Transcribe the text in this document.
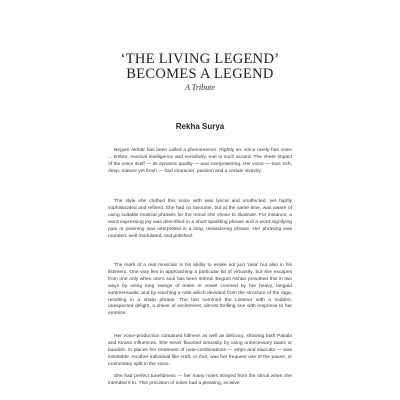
‘THE LIVING LEGEND’
BECOMES A LEGEND
A Tribute
Rekha Surya
Begum Akhtar has been called a phenomenon. Rightly so, since rarely has voice ... timbre, musical intelligence and sensitivity, met in such accord. The sheer impact of the voice itself — its dynamic quality — was overpowering. Her voice — true, rich, deep, mature yet fresh — had character, passion and a certain vivacity.
The style she clothed this voice with was lyrical and unaffected, yet highly sophisticated and refined. She had no favourite, but at the same time, was aware of using suitable musical phrases for the mood she chose to illustrate. For instance, a word expressing joy was described in a short sparkling phrase and a word signifying pain or yearning was interpreted in a long, meandering phrase. Her phrasing was rounded, well modulated, and polished.
The mark of a real musician is his ability to evoke not just 'rasa' but also in his listeners. One way lies in approaching a particular bit of virtuosity, but she escapes from one only when one's soul has been stirred. Begum Akhtar provoked this in two ways by using long swings of notes or vowel covered by her heavy, languid summersaults, and by reaching a note which deviated from the structure of the raga, resulting in a sharp phrase. The last summed the Listener with a sudden, unexpected delight, a shiver of excitement, almost thrilling one with response to her emotion.
Her voice-production contained fullness as well as delicacy, showing both Patiala and Kirana influences. She never flaunted virtuosity by using unnecessary taans or bandish. In places her treatment of note-combinations — strips and staccato — was inimitable. Another individual like craft, or rhet, was her frequent use of the pause, or momentary split in the voice.
She had perfect tunefulness — her many notes strayed from the shruti when she intended it to. This precision of notes had a pleasing, incisive
